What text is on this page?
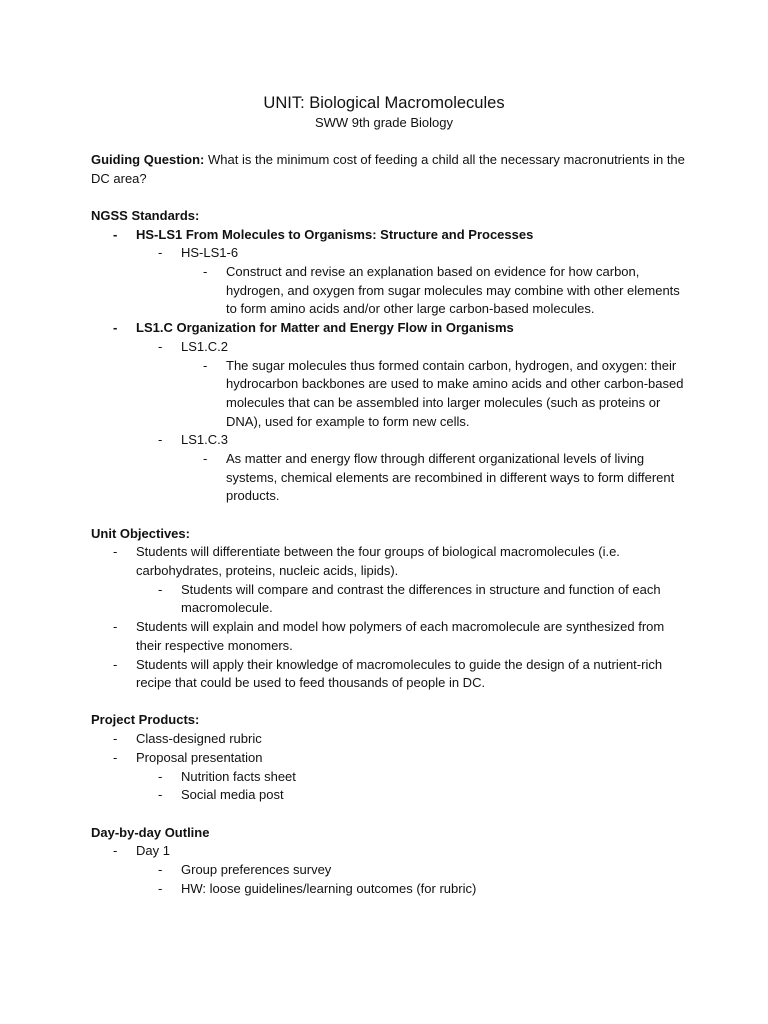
UNIT: Biological Macromolecules
SWW 9th grade Biology

Guiding Question: What is the minimum cost of feeding a child all the necessary macronutrients in the DC area?

NGSS Standards:

- HS-LS1 From Molecules to Organisms: Structure and Processes

- HS-LS1-6

- Construct and revise an explanation based on evidence for how carbon, hydrogen, and oxygen from sugar molecules may combine with other elements to form amino acids and/or other large carbon-based molecules.

- LS1.C Organization for Matter and Energy Flow in Organisms

- LS1.C.2

- The sugar molecules thus formed contain carbon, hydrogen, and oxygen: their hydrocarbon backbones are used to make amino acids and other carbon-based molecules that can be assembled into larger molecules (such as proteins or DNA), used for example to form new cells.

- LS1.C.3

- As matter and energy flow through different organizational levels of living systems, chemical elements are recombined in different ways to form different products.

Unit Objectives:

- Students will differentiate between the four groups of biological macromolecules (i.e. carbohydrates, proteins, nucleic acids, lipids).

- Students will compare and contrast the differences in structure and function of each macromolecule.

- Students will explain and model how polymers of each macromolecule are synthesized from their respective monomers.

- Students will apply their knowledge of macromolecules to guide the design of a nutrient-rich recipe that could be used to feed thousands of people in DC.

Project Products:

- Class-designed rubric

- Proposal presentation

- Nutrition facts sheet

- Social media post

Day-by-day Outline

- Day 1

- Group preferences survey

- HW: loose guidelines/learning outcomes (for rubric)
